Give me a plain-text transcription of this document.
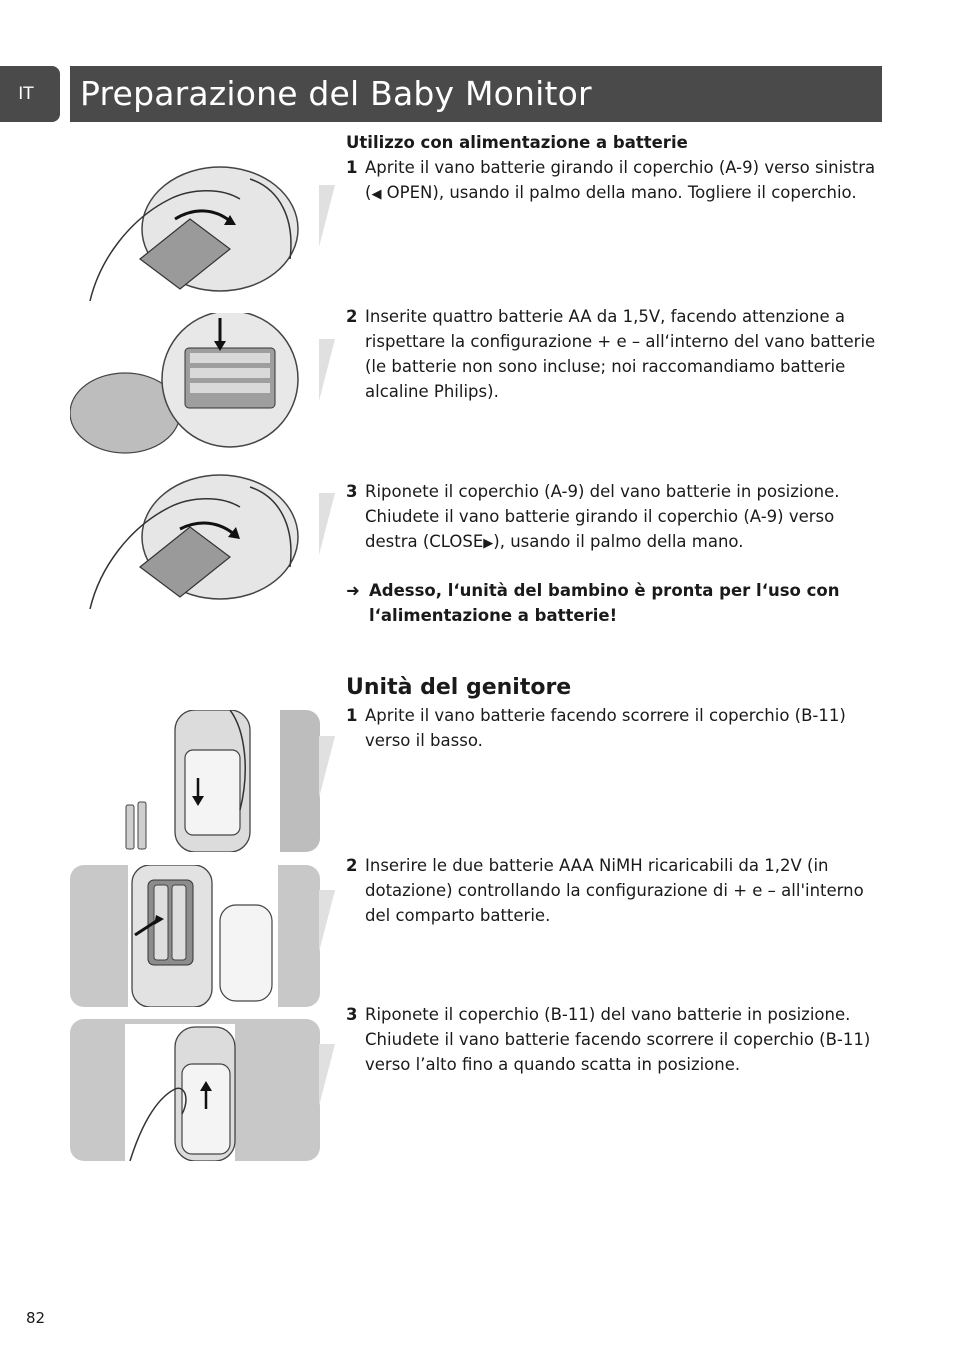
IT	Preparazione del Baby Monitor
Utilizzo con alimentazione a batterie
1 Aprite il vano batterie girando il coperchio (A-9) verso sinistra (◀ OPEN), usando il palmo della mano. Togliere il coperchio.
2 Inserite quattro batterie AA da 1,5V, facendo attenzione a rispettare la configurazione + e – all‘interno del vano batterie (le batterie non sono incluse; noi raccomandiamo batterie alcaline Philips).
3 Riponete il coperchio (A-9) del vano batterie in posizione. Chiudete il vano batterie girando il coperchio (A-9) verso destra (CLOSE▶), usando il palmo della mano.
➜ Adesso, l‘unità del bambino è pronta per l‘uso con l‘alimentazione a batterie!
Unità del genitore
1 Aprite il vano batterie facendo scorrere il coperchio (B-11) verso il basso.
2 Inserire le due batterie AAA NiMH ricaricabili da 1,2V (in dotazione) controllando la configurazione di + e – all'interno del comparto batterie.
3 Riponete il coperchio (B-11) del vano batterie in posizione. Chiudete il vano batterie facendo scorrere il coperchio (B-11) verso l’alto fino a quando scatta in posizione.
82
